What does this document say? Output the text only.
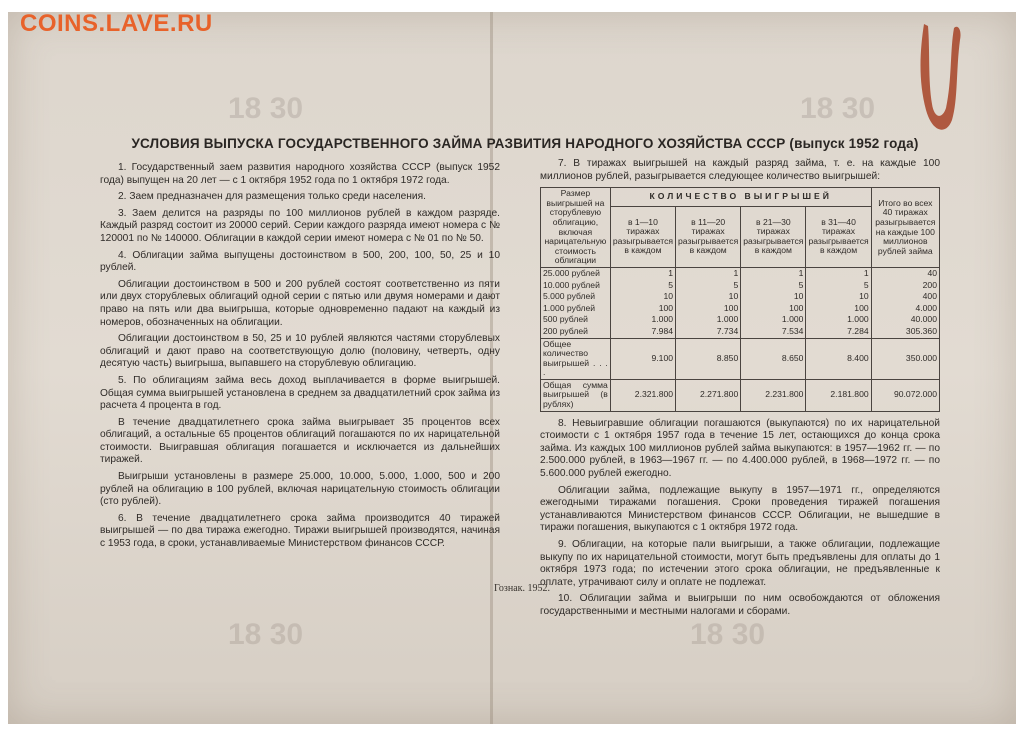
COINS.LAVE.RU
18 30	18 30
18 30	18 30
УСЛОВИЯ ВЫПУСКА ГОСУДАРСТВЕННОГО ЗАЙМА РАЗВИТИЯ НАРОДНОГО ХОЗЯЙСТВА СССР (выпуск 1952 года)

1. Государственный заем развития народного хозяйства СССР (выпуск 1952 года) выпущен на 20 лет — с 1 октября 1952 года по 1 октября 1972 года.

2. Заем предназначен для размещения только среди населения.

3. Заем делится на разряды по 100 миллионов рублей в каждом разряде. Каждый разряд состоит из 20000 серий. Серии каждого разряда имеют номера с № 120001 по № 140000. Облигации в каждой серии имеют номера с № 01 по № 50.

4. Облигации займа выпущены достоинством в 500, 200, 100, 50, 25 и 10 рублей.

Облигации достоинством в 500 и 200 рублей состоят соответственно из пяти или двух сторублевых облигаций одной серии с пятью или двумя номерами и дают право на пять или два выигрыша, которые одновременно падают на каждый из номеров, обозначенных на облигации.

Облигации достоинством в 50, 25 и 10 рублей являются частями сторублевых облигаций и дают право на соответствующую долю (половину, четверть, одну десятую часть) выигрыша, выпавшего на сторублевую облигацию.

5. По облигациям займа весь доход выплачивается в форме выигрышей. Общая сумма выигрышей установлена в среднем за двадцатилетний срок займа из расчета 4 процента в год.

В течение двадцатилетнего срока займа выигрывает 35 процентов всех облигаций, а остальные 65 процентов облигаций погашаются по их нарицательной стоимости. Выигравшая облигация погашается и исключается из дальнейших тиражей.

Выигрыши установлены в размере 25.000, 10.000, 5.000, 1.000, 500 и 200 рублей на облигацию в 100 рублей, включая нарицательную стоимость облигации (сто рублей).

6. В течение двадцатилетнего срока займа производится 40 тиражей выигрышей — по два тиража ежегодно. Тиражи выигрышей производятся, начиная с 1953 года, в сроки, устанавливаемые Министерством финансов СССР.

7. В тиражах выигрышей на каждый разряд займа, т. е. на каждые 100 миллионов рублей, разыгрывается следующее количество выигрышей:

Размер выигрышей на сторублевую облигацию, включая нарицательную стоимость облигации	КОЛИЧЕСТВО ВЫИГРЫШЕЙ				Итого во всех 40 тиражах разыгрывается на каждые 100 миллионов рублей займа
	в 1—10 тиражах разыгрывается в каждом	в 11—20 тиражах разыгрывается в каждом	в 21—30 тиражах разыгрывается в каждом	в 31—40 тиражах разыгрывается в каждом	
25.000 рублей	1	1	1	1	40
10.000 рублей	5	5	5	5	200
5.000 рублей	10	10	10	10	400
1.000 рублей	100	100	100	100	4.000
500 рублей	1.000	1.000	1.000	1.000	40.000
200 рублей	7.984	7.734	7.534	7.284	305.360
Общее количество выигрышей . . . .	9.100	8.850	8.650	8.400	350.000
Общая сумма выигрышей (в рублях)	2.321.800	2.271.800	2.231.800	2.181.800	90.072.000

8. Невыигравшие облигации погашаются (выкупаются) по их нарицательной стоимости с 1 октября 1957 года в течение 15 лет, остающихся до конца срока займа. Из каждых 100 миллионов рублей займа выкупаются: в 1957—1962 гг. — по 2.500.000 рублей, в 1963—1967 гг. — по 4.400.000 рублей, в 1968—1972 гг. — по 5.600.000 рублей ежегодно.

Облигации займа, подлежащие выкупу в 1957—1971 гг., определяются ежегодными тиражами погашения. Сроки проведения тиражей погашения устанавливаются Министерством финансов СССР. Облигации, не вышедшие в тиражи погашения, выкупаются с 1 октября 1972 года.

9. Облигации, на которые пали выигрыши, а также облигации, подлежащие выкупу по их нарицательной стоимости, могут быть предъявлены для оплаты до 1 октября 1973 года; по истечении этого срока облигации, не предъявленные к оплате, утрачивают силу и оплате не подлежат.

10. Облигации займа и выигрыши по ним освобождаются от обложения государственными и местными налогами и сборами.

Гознак. 1952.
